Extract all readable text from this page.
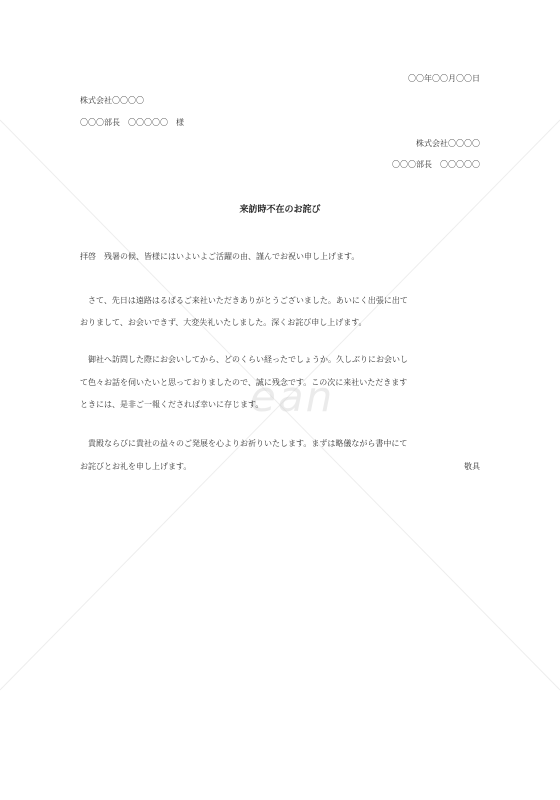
ean
〇〇年〇〇月〇〇日
株式会社〇〇〇〇
〇〇〇部長　〇〇〇〇〇　様
株式会社〇〇〇〇
〇〇〇部長　〇〇〇〇〇
来訪時不在のお詫び
拝啓　残暑の候、皆様にはいよいよご活躍の由、謹んでお祝い申し上げます。
　さて、先日は遠路はるばるご来社いただきありがとうございました。あいにく出張に出て
おりまして、お会いできず、大変失礼いたしました。深くお詫び申し上げます。
　御社へ訪問した際にお会いしてから、どのくらい経ったでしょうか。久しぶりにお会いし
て色々お話を伺いたいと思っておりましたので、誠に残念です。この次に来社いただきます
ときには、是非ご一報くだされば幸いに存じます。
　貴殿ならびに貴社の益々のご発展を心よりお祈りいたします。まずは略儀ながら書中にて
お詫びとお礼を申し上げます。	敬具
